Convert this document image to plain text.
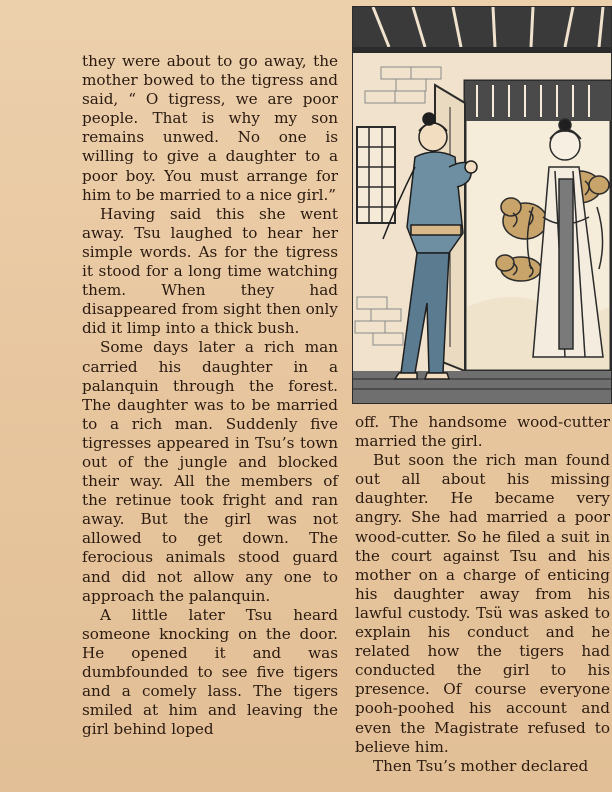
they were about to go away, the mother bowed to the tigress and said, “ O tigress, we are poor people. That is why my son remains unwed. No one is willing to give a daughter to a poor boy. You must arrange for him to be married to a nice girl.”

Having said this she went away. Tsu laughed to hear her simple words. As for the tigress it stood for a long time watching them. When they had disappeared from sight then only did it limp into a thick bush.

Some days later a rich man carried his daughter in a palanquin through the forest. The daughter was to be married to a rich man. Suddenly five tigresses appeared in Tsu’s town out of the jungle and blocked their way. All the members of the retinue took fright and ran away. But the girl was not allowed to get down. The ferocious animals stood guard and did not allow any one to approach the palanquin.

A little later Tsu heard someone knocking on the door. He opened it and was dumbfounded to see five tigers and a comely lass. The tigers smiled at him and leaving the girl behind loped

off. The handsome wood-cutter married the girl.

But soon the rich man found out all about his missing daughter. He became very angry. She had married a poor wood-cutter. So he filed a suit in the court against Tsu and his mother on a charge of enticing his daughter away from his lawful custody. Tsü was asked to explain his conduct and he related how the tigers had conducted the girl to his presence. Of course everyone pooh-poohed his account and even the Magistrate refused to believe him.

Then Tsu’s mother declared
